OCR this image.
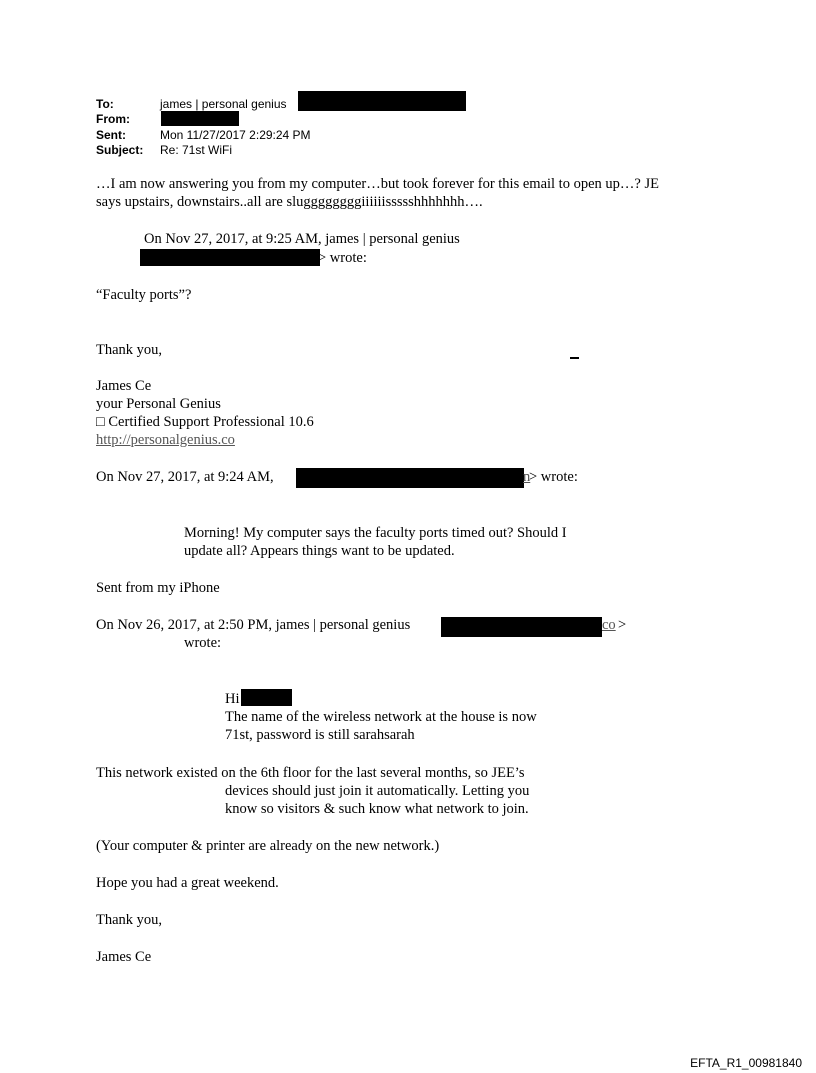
To:	james | personal genius
From:
Sent:	Mon 11/27/2017 2:29:24 PM
Subject: Re: 71st WiFi
…I am now answering you from my computer…but took forever for this email to open up…? JE
says upstairs, downstairs..all are sluggggggggiiiiiissssshhhhhhh….
On Nov 27, 2017, at 9:25 AM, james | personal genius
> wrote:
“Faculty ports”?
Thank you,
James Ce
your Personal Genius
□ Certified Support Professional 10.6
http://personalgenius.co
On Nov 27, 2017, at 9:24 AM,	n
> wrote:
Morning! My computer says the faculty ports timed out? Should I
update all? Appears things want to be updated.
Sent from my iPhone
On Nov 26, 2017, at 2:50 PM, james | personal genius	co >
wrote:
Hi
The name of the wireless network at the house is now
71st, password is still sarahsarah
This network existed on the 6th floor for the last several months, so JEE’s
devices should just join it automatically. Letting you
know so visitors & such know what network to join.
(Your computer & printer are already on the new network.)
Hope you had a great weekend.
Thank you,
James Ce
EFTA_R1_00981840
